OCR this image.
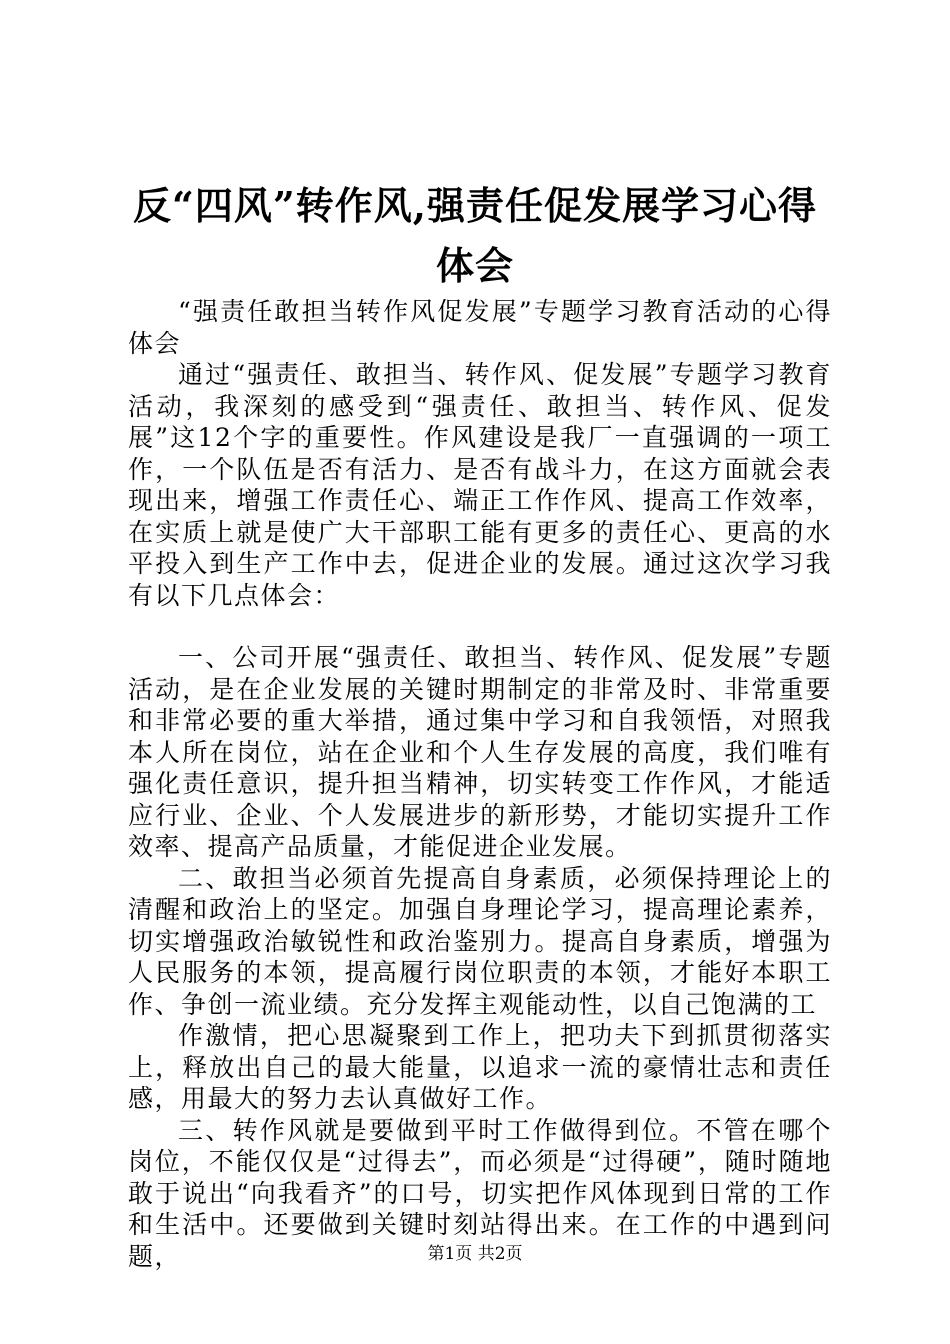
反“四风”转作风,强责任促发展学习心得体会

“强责任敢担当转作风促发展”专题学习教育活动的心得体会

通过“强责任、敢担当、转作风、促发展”专题学习教育活动，我深刻的感受到“强责任、敢担当、转作风、促发展”这12个字的重要性。作风建设是我厂一直强调的一项工作，一个队伍是否有活力、是否有战斗力，在这方面就会表现出来，增强工作责任心、端正工作作风、提高工作效率，在实质上就是使广大干部职工能有更多的责任心、更高的水平投入到生产工作中去，促进企业的发展。通过这次学习我有以下几点体会：

一、公司开展“强责任、敢担当、转作风、促发展”专题活动，是在企业发展的关键时期制定的非常及时、非常重要和非常必要的重大举措，通过集中学习和自我领悟，对照我本人所在岗位，站在企业和个人生存发展的高度，我们唯有强化责任意识，提升担当精神，切实转变工作作风，才能适应行业、企业、个人发展进步的新形势，才能切实提升工作效率、提高产品质量，才能促进企业发展。

二、敢担当必须首先提高自身素质，必须保持理论上的清醒和政治上的坚定。加强自身理论学习，提高理论素养，切实增强政治敏锐性和政治鉴别力。提高自身素质，增强为人民服务的本领，提高履行岗位职责的本领，才能好本职工作、争创一流业绩。充分发挥主观能动性，以自己饱满的工

作激情，把心思凝聚到工作上，把功夫下到抓贯彻落实上，释放出自己的最大能量，以追求一流的豪情壮志和责任感，用最大的努力去认真做好工作。

三、转作风就是要做到平时工作做得到位。不管在哪个岗位，不能仅仅是“过得去”，而必须是“过得硬”，随时随地敢于说出“向我看齐”的口号，切实把作风体现到日常的工作和生活中。还要做到关键时刻站得出来。在工作的中遇到问题，	第1页 共2页
